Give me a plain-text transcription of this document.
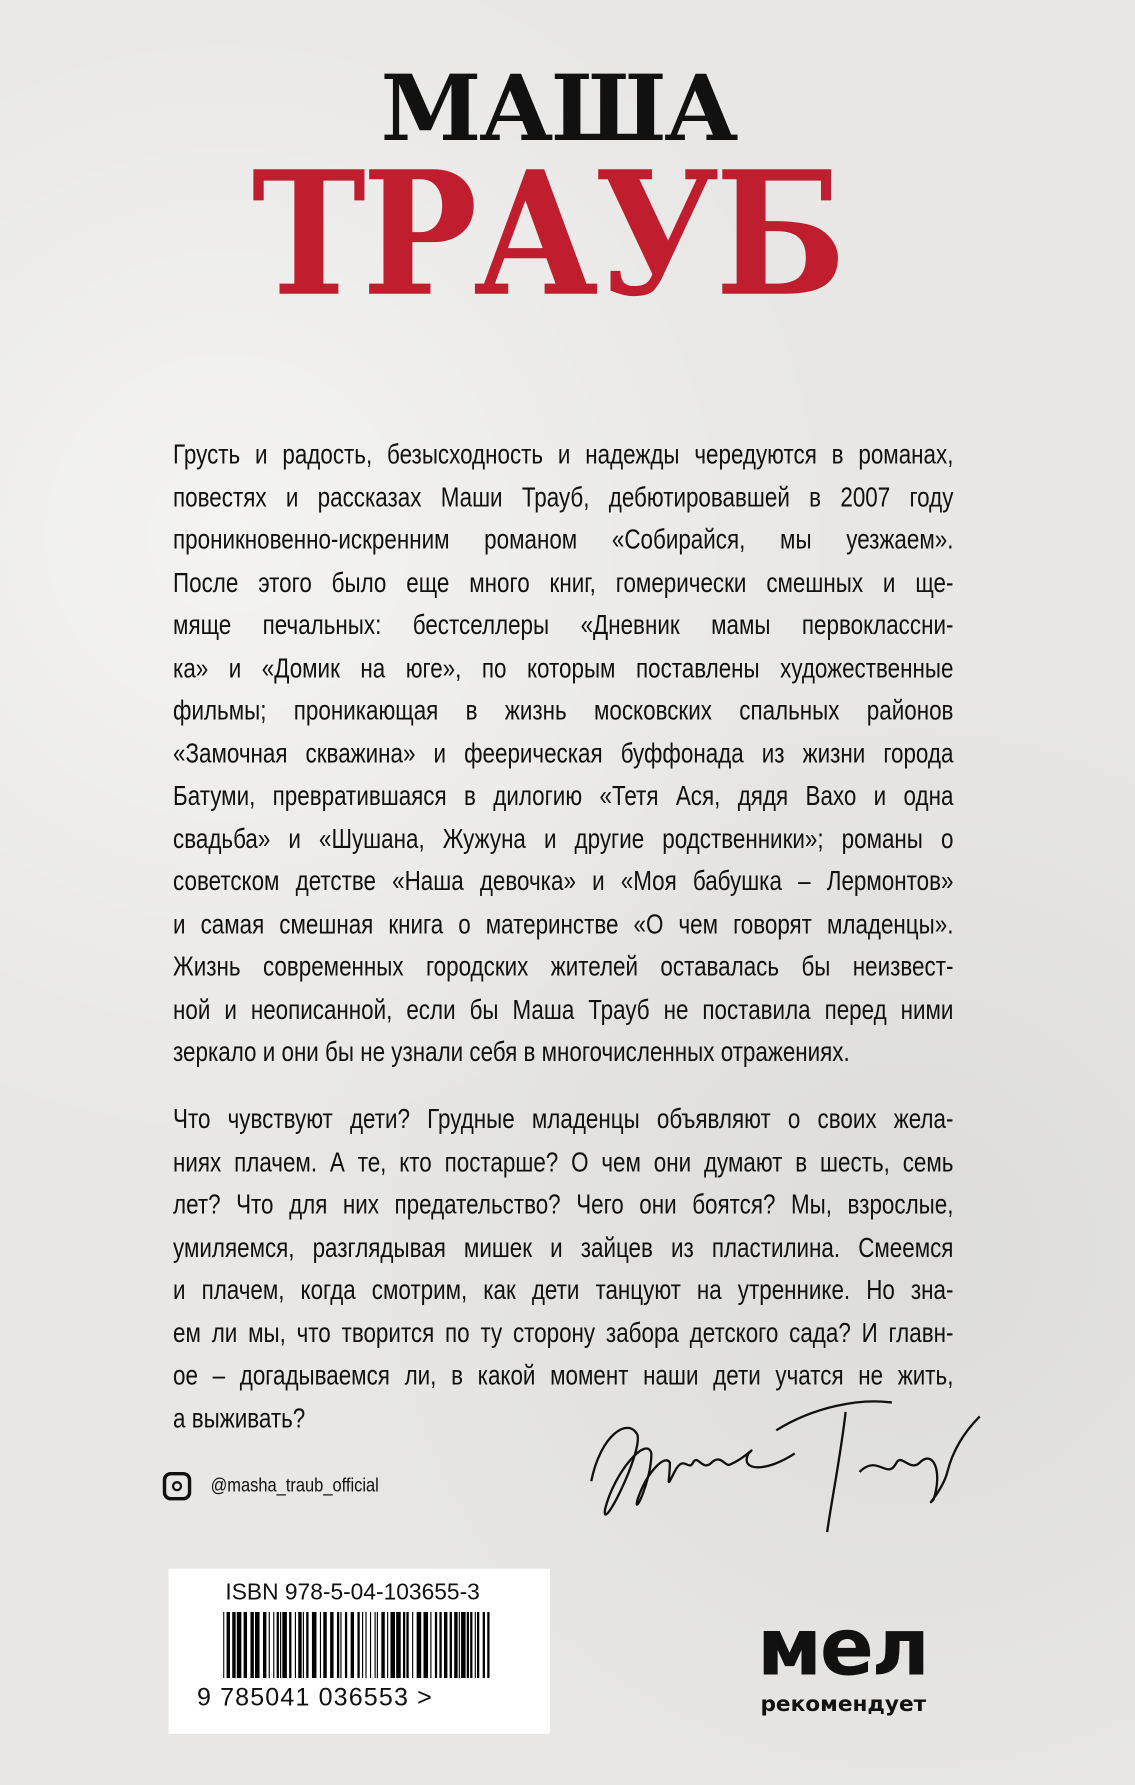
МАША
ТРАУБ
Грусть и радость, безысходность и надежды чередуются в романах,
повестях и рассказах Маши Трауб, дебютировавшей в 2007 году
проникновенно-искренним романом «Собирайся, мы уезжаем».
После этого было еще много книг, гомерически смешных и ще-
мяще печальных: бестселлеры «Дневник мамы первоклассни-
ка» и «Домик на юге», по которым поставлены художественные
фильмы; проникающая в жизнь московских спальных районов
«Замочная скважина» и феерическая буффонада из жизни города
Батуми, превратившаяся в дилогию «Тетя Ася, дядя Вахо и одна
свадьба» и «Шушана, Жужуна и другие родственники»; романы о
советском детстве «Наша девочка» и «Моя бабушка – Лермонтов»
и самая смешная книга о материнстве «О чем говорят младенцы».
Жизнь современных городских жителей оставалась бы неизвест-
ной и неописанной, если бы Маша Трауб не поставила перед ними
зеркало и они бы не узнали себя в многочисленных отражениях.
Что чувствуют дети? Грудные младенцы объявляют о своих жела-
ниях плачем. А те, кто постарше? О чем они думают в шесть, семь
лет? Что для них предательство? Чего они боятся? Мы, взрослые,
умиляемся, разглядывая мишек и зайцев из пластилина. Смеемся
и плачем, когда смотрим, как дети танцуют на утреннике. Но зна-
ем ли мы, что творится по ту сторону забора детского сада? И главн-
ое – догадываемся ли, в какой момент наши дети учатся не жить,
а выживать?
@masha_traub_official
ISBN 978-5-04-103655-3
9 785041 036553 >
мел
рекомендует
